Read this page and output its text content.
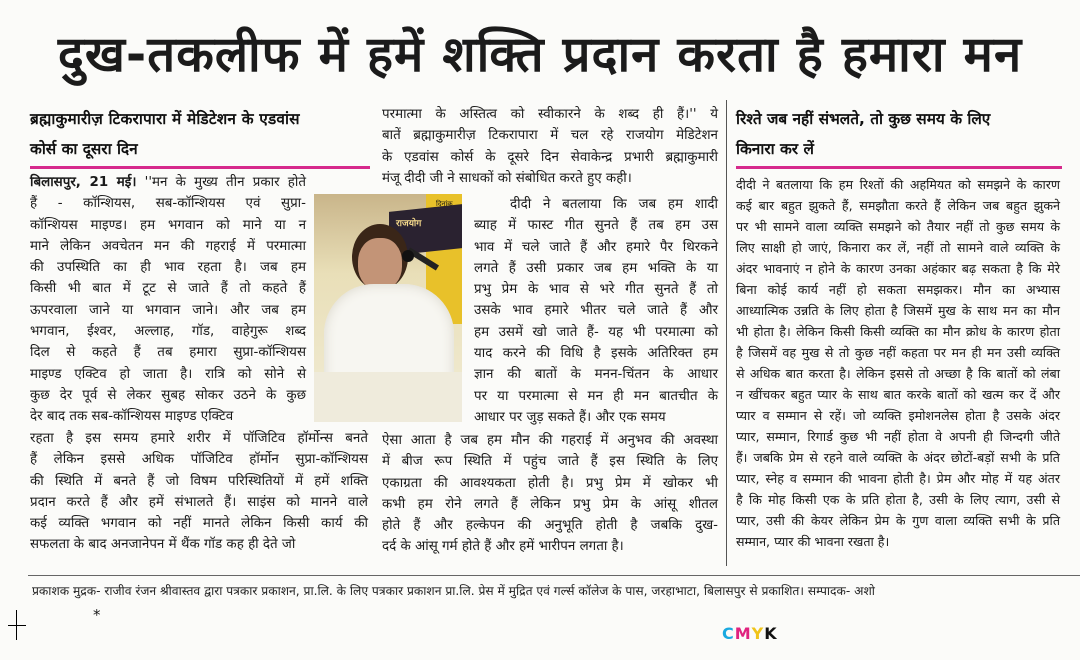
दुख-तकलीफ में हमें शक्ति प्रदान करता है हमारा मन
ब्रह्माकुमारीज़ टिकरापारा में मेडिटेशन के एडवांस
कोर्स का दूसरा दिन

बिलासपुर, 21 मई। ''मन के मुख्य तीन प्रकार होते

हैं - कॉन्शियस, सब-कॉन्शियस एवं सुप्रा-

कॉन्शियस माइण्ड। हम भगवान को माने या न

माने लेकिन अवचेतन मन की गहराई में परमात्मा

की उपस्थिति का ही भाव रहता है। जब हम

किसी भी बात में टूट से जाते हैं तो कहते हैं

ऊपरवाला जाने या भगवान जाने। और जब हम

भगवान, ईश्वर, अल्लाह, गॉड, वाहेगुरू शब्द

दिल से कहते हैं तब हमारा सुप्रा-कॉन्शियस

माइण्ड एक्टिव हो जाता है। रात्रि को सोने से

कुछ देर पूर्व से लेकर सुबह सोकर उठने के कुछ

देर बाद तक सब-कॉन्शियस माइण्ड एक्टिव

रहता है इस समय हमारे शरीर में पॉजिटिव हॉर्मोन्स बनते

हैं लेकिन इससे अधिक पॉजिटिव हॉर्मोन सुप्रा-कॉन्शियस

की स्थिति में बनते हैं जो विषम परिस्थितियों में हमें शक्ति

प्रदान करते हैं और हमें संभालते हैं। साइंस को मानने वाले

कई व्यक्ति भगवान को नहीं मानते लेकिन किसी कार्य की

सफलता के बाद अनजानेपन में थैंक गॉड कह ही देते जो

राजयोग
दिनांक

परमात्मा के अस्तित्व को स्वीकारने के शब्द ही हैं।'' ये

बातें ब्रह्माकुमारीज़ टिकरापारा में चल रहे राजयोग मेडिटेशन

के एडवांस कोर्स के दूसरे दिन सेवाकेन्द्र प्रभारी ब्रह्माकुमारी

मंजू दीदी जी ने साधकों को संबोधित करते हुए कही।

दीदी ने बतलाया कि जब हम शादी

ब्याह में फास्ट गीत सुनते हैं तब हम उस

भाव में चले जाते हैं और हमारे पैर थिरकने

लगते हैं उसी प्रकार जब हम भक्ति के या

प्रभु प्रेम के भाव से भरे गीत सुनते हैं तो

उसके भाव हमारे भीतर चले जाते हैं और

हम उसमें खो जाते हैं- यह भी परमात्मा को

याद करने की विधि है इसके अतिरिक्त हम

ज्ञान की बातों के मनन-चिंतन के आधार

पर या परमात्मा से मन ही मन बातचीत के

आधार पर जुड़ सकते हैं। और एक समय

ऐसा आता है जब हम मौन की गहराई में अनुभव की अवस्था

में बीज रूप स्थिति में पहुंच जाते हैं इस स्थिति के लिए

एकाग्रता की आवश्यकता होती है। प्रभु प्रेम में खोकर भी

कभी हम रोने लगते हैं लेकिन प्रभु प्रेम के आंसू शीतल

होते हैं और हल्केपन की अनुभूति होती है जबकि दुख-

दर्द के आंसू गर्म होते हैं और हमें भारीपन लगता है।

रिश्ते जब नहीं संभलते, तो कुछ समय के लिए
किनारा कर लें

दीदी ने बतलाया कि हम रिश्तों की अहमियत को समझने के कारण

कई बार बहुत झुकते हैं, समझौता करते हैं लेकिन जब बहुत झुकने

पर भी सामने वाला व्यक्ति समझने को तैयार नहीं तो कुछ समय के

लिए साक्षी हो जाएं, किनारा कर लें, नहीं तो सामने वाले व्यक्ति के

अंदर भावनाएं न होने के कारण उनका अहंकार बढ़ सकता है कि मेरे

बिना कोई कार्य नहीं हो सकता समझकर। मौन का अभ्यास

आध्यात्मिक उन्नति के लिए होता है जिसमें मुख के साथ मन का मौन

भी होता है। लेकिन किसी किसी व्यक्ति का मौन क्रोध के कारण होता

है जिसमें वह मुख से तो कुछ नहीं कहता पर मन ही मन उसी व्यक्ति

से अधिक बात करता है। लेकिन इससे तो अच्छा है कि बातों को लंबा

न खींचकर बहुत प्यार के साथ बात करके बातों को खत्म कर दें और

प्यार व सम्मान से रहें। जो व्यक्ति इमोशनलेस होता है उसके अंदर

प्यार, सम्मान, रिगार्ड कुछ भी नहीं होता वे अपनी ही जिन्दगी जीते

हैं। जबकि प्रेम से रहने वाले व्यक्ति के अंदर छोटों-बड़ों सभी के प्रति

प्यार, स्नेह व सम्मान की भावना होती है। प्रेम और मोह में यह अंतर

है कि मोह किसी एक के प्रति होता है, उसी के लिए त्याग, उसी से

प्यार, उसी की केयर लेकिन प्रेम के गुण वाला व्यक्ति सभी के प्रति

सम्मान, प्यार की भावना रखता है।

प्रकाशक मुद्रक- राजीव रंजन श्रीवास्तव द्वारा पत्रकार प्रकाशन, प्रा.लि. के लिए पत्रकार प्रकाशन प्रा.लि. प्रेस में मुद्रित एवं गर्ल्स कॉलेज के पास, जरहाभाटा, बिलासपुर से प्रकाशित। सम्पादक- अशो
*
CMYK
